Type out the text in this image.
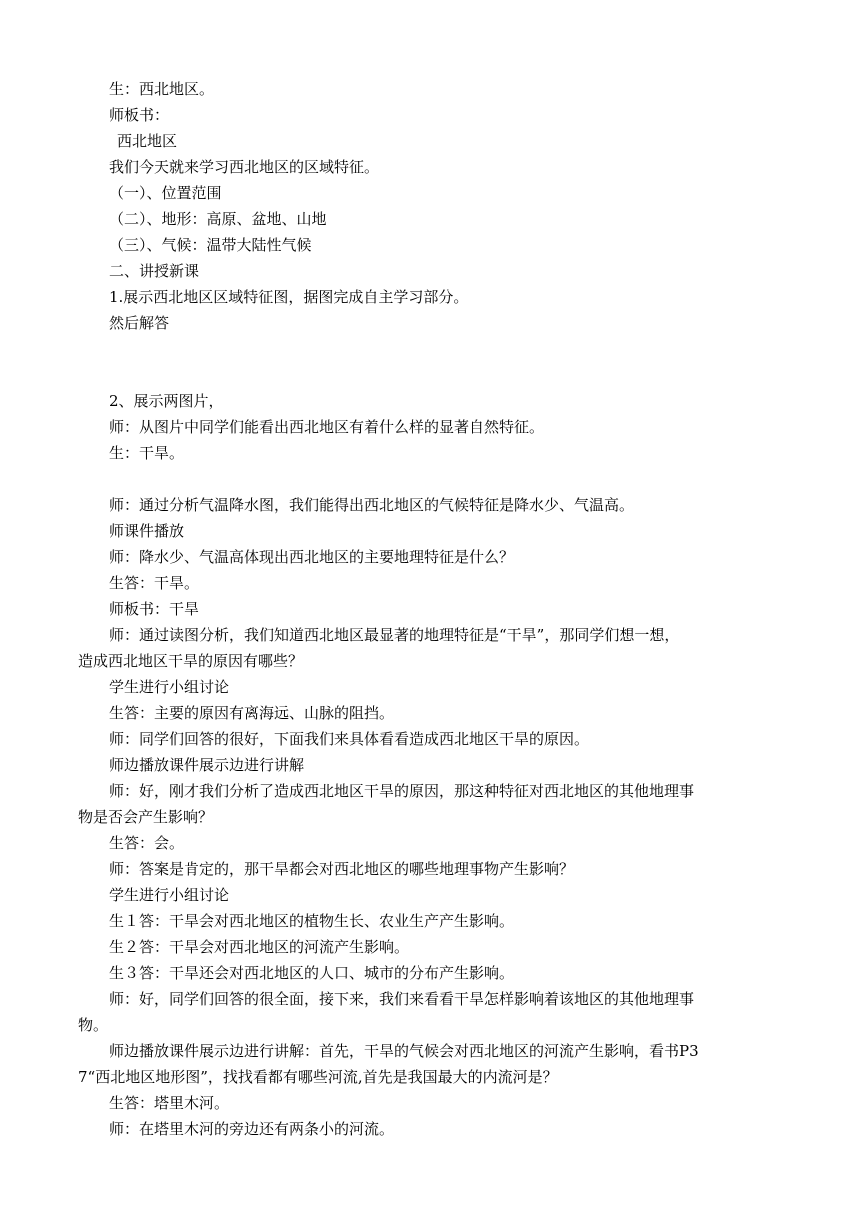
生：西北地区。
师板书：
西北地区
我们今天就来学习西北地区的区域特征。
（一）、位置范围
（二）、地形：高原、盆地、山地
（三）、气候：温带大陆性气候
二、讲授新课
1.展示西北地区区域特征图，据图完成自主学习部分。
然后解答
2、展示两图片，
师：从图片中同学们能看出西北地区有着什么样的显著自然特征。
生：干旱。
师：通过分析气温降水图，我们能得出西北地区的气候特征是降水少、气温高。
师课件播放
师：降水少、气温高体现出西北地区的主要地理特征是什么？
生答：干旱。
师板书：干旱
师：通过读图分析，我们知道西北地区最显著的地理特征是“干旱”，那同学们想一想，
造成西北地区干旱的原因有哪些？
学生进行小组讨论
生答：主要的原因有离海远、山脉的阻挡。
师：同学们回答的很好，下面我们来具体看看造成西北地区干旱的原因。
师边播放课件展示边进行讲解
师：好，刚才我们分析了造成西北地区干旱的原因，那这种特征对西北地区的其他地理事
物是否会产生影响？
生答：会。
师：答案是肯定的，那干旱都会对西北地区的哪些地理事物产生影响？
学生进行小组讨论
生１答：干旱会对西北地区的植物生长、农业生产产生影响。
生２答：干旱会对西北地区的河流产生影响。
生３答：干旱还会对西北地区的人口、城市的分布产生影响。
师：好，同学们回答的很全面，接下来，我们来看看干旱怎样影响着该地区的其他地理事
物。
师边播放课件展示边进行讲解：首先，干旱的气候会对西北地区的河流产生影响，看书P3
7“西北地区地形图”，找找看都有哪些河流,首先是我国最大的内流河是？
生答：塔里木河。
师：在塔里木河的旁边还有两条小的河流。
